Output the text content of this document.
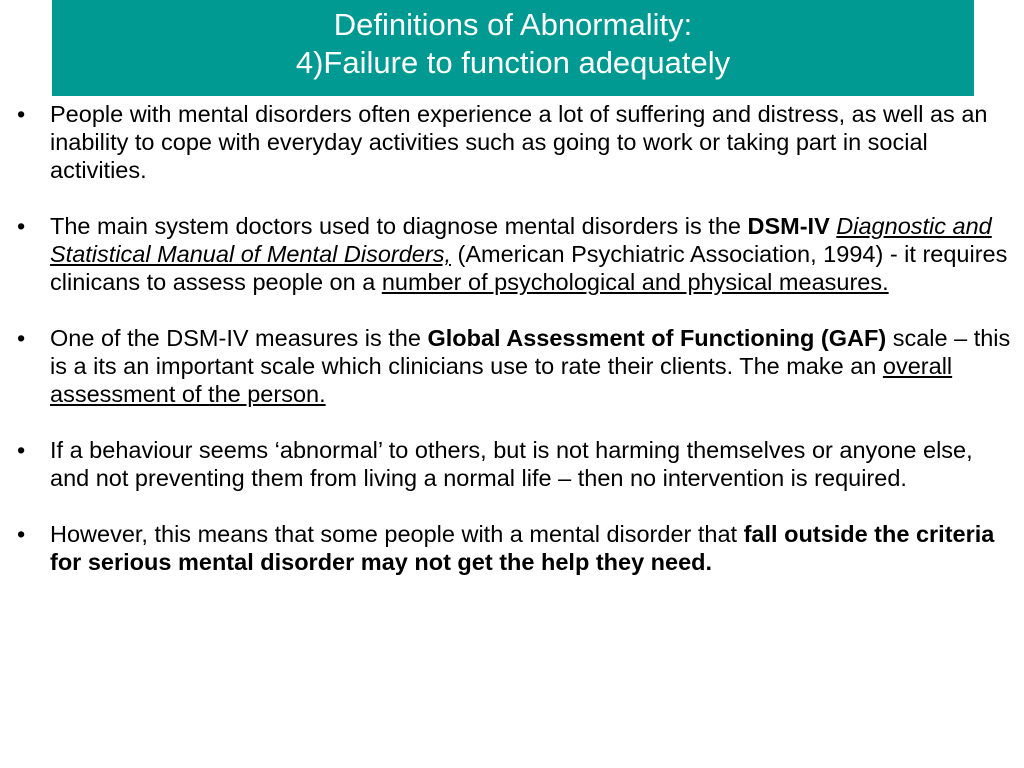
Definitions of Abnormality:
4)Failure to function adequately
• People with mental disorders often experience a lot of suffering and distress, as well as an inability to cope with everyday activities such as going to work or taking part in social activities.
• The main system doctors used to diagnose mental disorders is the DSM-IV Diagnostic and Statistical Manual of Mental Disorders, (American Psychiatric Association, 1994) - it requires clinicans to assess people on a number of psychological and physical measures.
• One of the DSM-IV measures is the Global Assessment of Functioning (GAF) scale – this is a its an important scale which clinicians use to rate their clients. The make an overall assessment of the person.
• If a behaviour seems ‘abnormal’ to others, but is not harming themselves or anyone else, and not preventing them from living a normal life – then no intervention is required.
• However, this means that some people with a mental disorder that fall outside the criteria for serious mental disorder may not get the help they need.
